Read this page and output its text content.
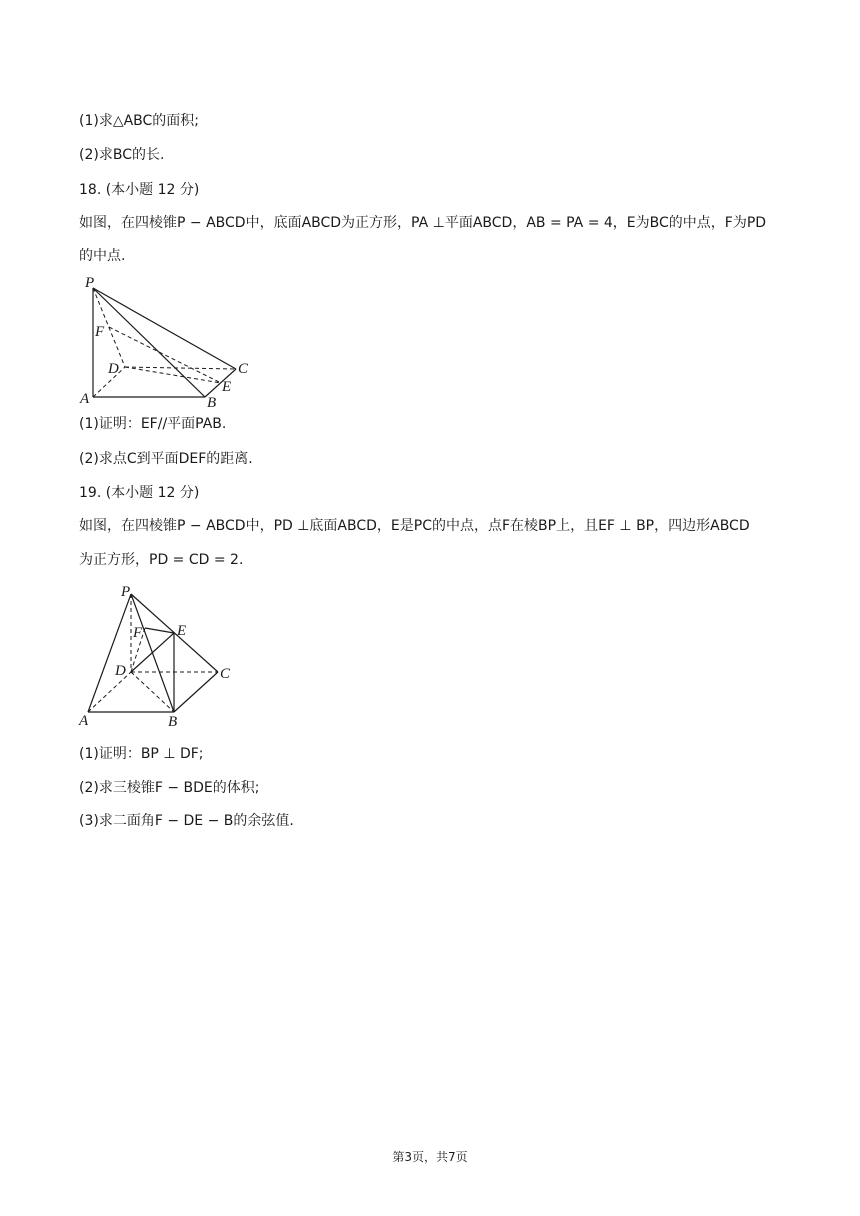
(1)求△ABC的面积;
(2)求BC的长.
18. (本小题 12 分)
如图，在四棱锥P − ABCD中，底面ABCD为正方形，PA ⊥平面ABCD，AB = PA = 4，E为BC的中点，F为PD
的中点.
P
F
D	C
E
A	B
(1)证明：EF//平面PAB.
(2)求点C到平面DEF的距离.
19. (本小题 12 分)
如图，在四棱锥P − ABCD中，PD ⊥底面ABCD，E是PC的中点，点F在棱BP上，且EF ⊥ BP，四边形ABCD
为正方形，PD = CD = 2.
P
F E
D	C
A	B
(1)证明：BP ⊥ DF;
(2)求三棱锥F − BDE的体积;
(3)求二面角F − DE − B的余弦值.
第3页，共7页
